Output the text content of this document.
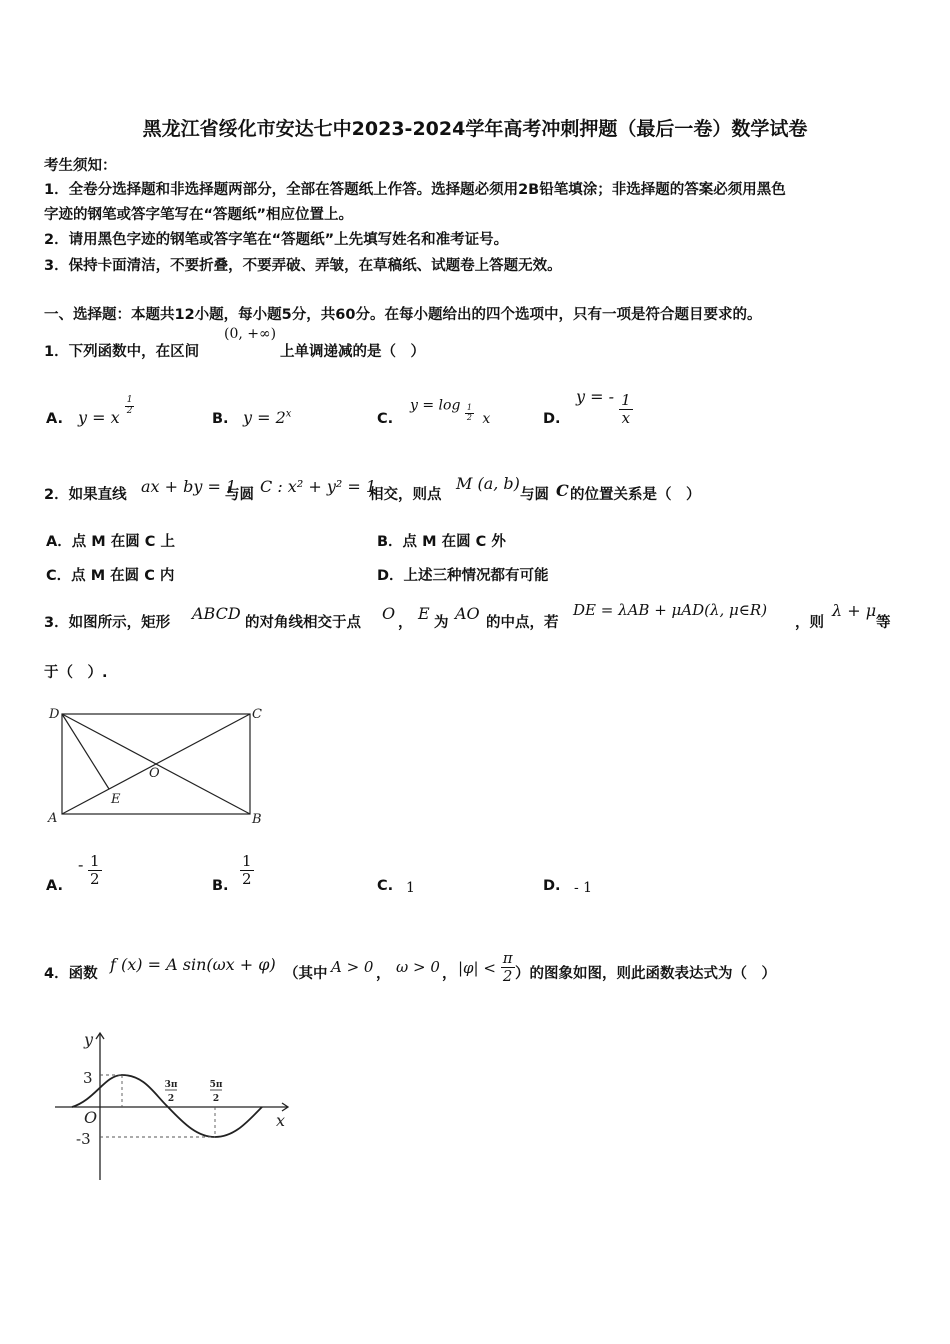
黑龙江省绥化市安达七中2023-2024学年高考冲刺押题（最后一卷）数学试卷
考生须知：
1．全卷分选择题和非选择题两部分，全部在答题纸上作答。选择题必须用2B铅笔填涂；非选择题的答案必须用黑色
字迹的钢笔或答字笔写在“答题纸”相应位置上。
2．请用黑色字迹的钢笔或答字笔在“答题纸”上先填写姓名和准考证号。
3．保持卡面清洁，不要折叠，不要弄破、弄皱，在草稿纸、试题卷上答题无效。
一、选择题：本题共12小题，每小题5分，共60分。在每小题给出的四个选项中，只有一项是符合题目要求的。
1．下列函数中，在区间
(0, +∞)
上单调递减的是（　）
A. y = x
$\frac{1}{2}$
B. $y = 2^x$	C.
$y = \log \frac{1}{2}$ x	D.
y = - $\frac{1}{x}$
2．如果直线 ax + by = 1
与圆 C : x² + y² = 1
相交，则点
M (a, b)
与圆 C 的位置关系是（　）
A．点 M 在圆 C 上	B．点 M 在圆 C 外
C．点 M 在圆 C 内	D．上述三种情况都有可能
3．如图所示，矩形 ABCD 的对角线相交于点 O ， E 为 AO 的中点，若
DE = λAB + μAD(λ, μ∈R)
，则
λ + μ
等
于（　）.
D	C
A	B
O
E
A.
- $\frac{1}{2}$	B. $\frac{1}{2}$	C. 1	D. - 1
4．函数 f (x) = A sin(ωx + φ) （其中 A > 0 ， ω > 0 ， $|\varphi| < \frac{\pi}{2}$ ）的图象如图，则此函数表达式为（　）
y
x
O
3
-3
3π
2
5π
2
